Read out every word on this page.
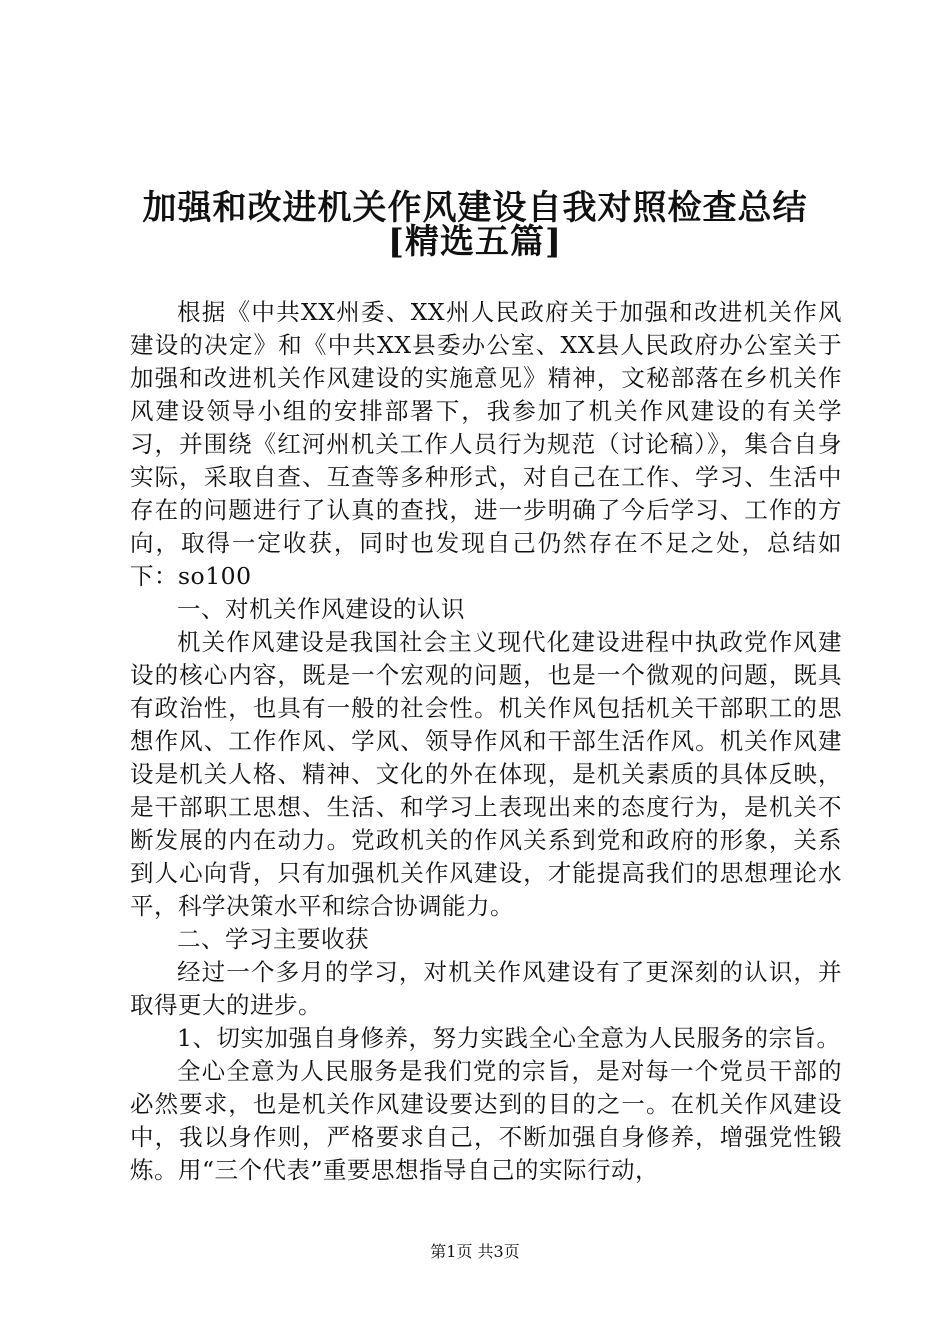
加强和改进机关作风建设自我对照检查总结
[精选五篇]

根据《中共XX州委、XX州人民政府关于加强和改进机关作风建设的决定》和《中共XX县委办公室、XX县人民政府办公室关于加强和改进机关作风建设的实施意见》精神，文秘部落在乡机关作风建设领导小组的安排部署下，我参加了机关作风建设的有关学习，并围绕《红河州机关工作人员行为规范（讨论稿）》，集合自身实际，采取自查、互查等多种形式，对自己在工作、学习、生活中存在的问题进行了认真的查找，进一步明确了今后学习、工作的方向，取得一定收获，同时也发现自己仍然存在不足之处，总结如下：so100

一、对机关作风建设的认识

机关作风建设是我国社会主义现代化建设进程中执政党作风建设的核心内容，既是一个宏观的问题，也是一个微观的问题，既具有政治性，也具有一般的社会性。机关作风包括机关干部职工的思想作风、工作作风、学风、领导作风和干部生活作风。机关作风建设是机关人格、精神、文化的外在体现，是机关素质的具体反映，是干部职工思想、生活、和学习上表现出来的态度行为，是机关不断发展的内在动力。党政机关的作风关系到党和政府的形象，关系到人心向背，只有加强机关作风建设，才能提高我们的思想理论水平，科学决策水平和综合协调能力。

二、学习主要收获

经过一个多月的学习，对机关作风建设有了更深刻的认识，并取得更大的进步。

1、切实加强自身修养，努力实践全心全意为人民服务的宗旨。

全心全意为人民服务是我们党的宗旨，是对每一个党员干部的必然要求，也是机关作风建设要达到的目的之一。在机关作风建设中，我以身作则，严格要求自己，不断加强自身修养，增强党性锻炼。用“三个代表”重要思想指导自己的实际行动，

第1页 共3页
